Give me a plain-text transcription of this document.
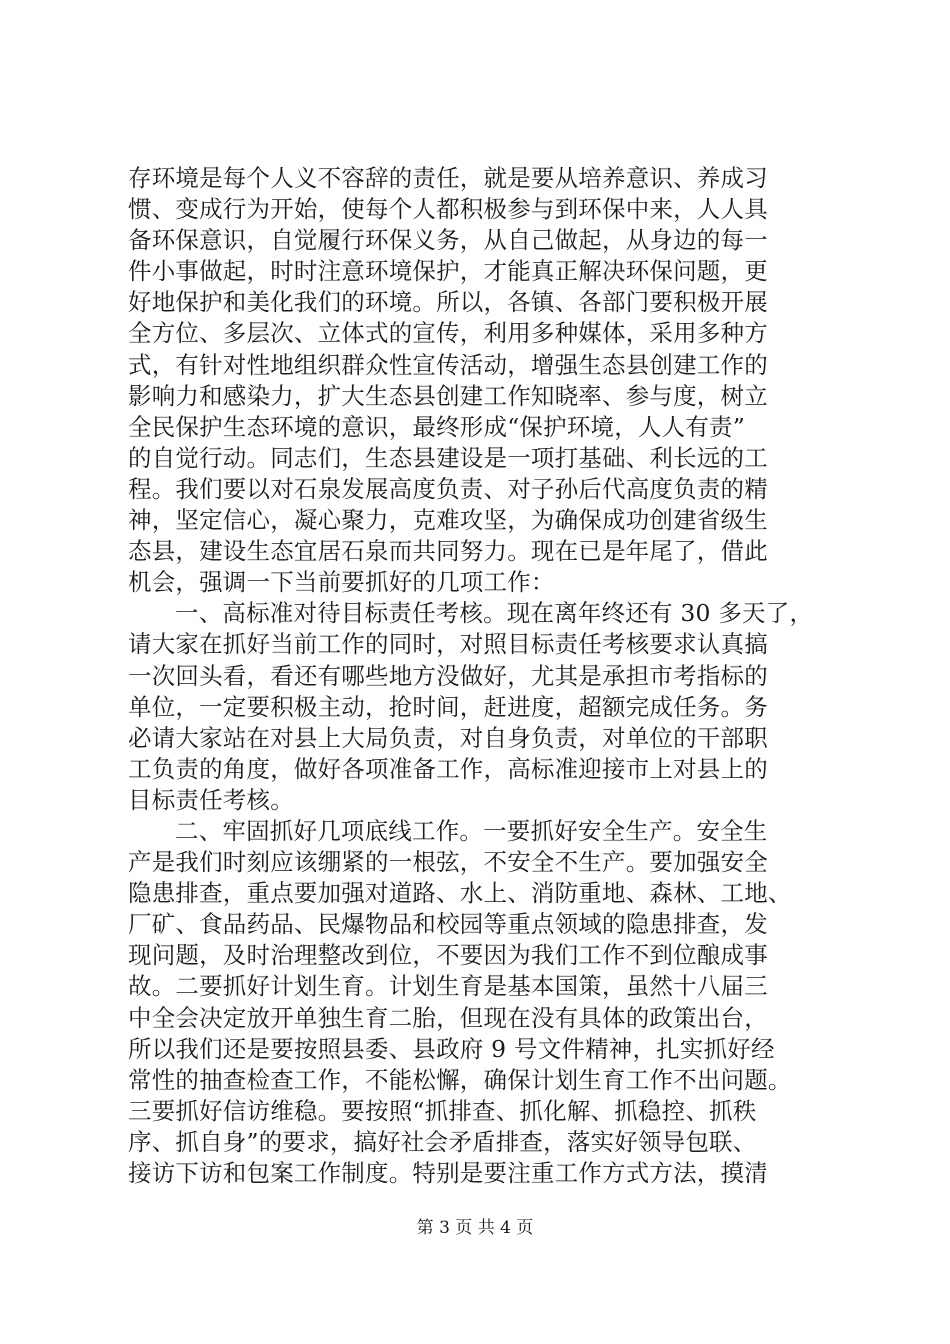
存环境是每个人义不容辞的责任，就是要从培养意识、养成习
惯、变成行为开始，使每个人都积极参与到环保中来，人人具
备环保意识，自觉履行环保义务，从自己做起，从身边的每一
件小事做起，时时注意环境保护，才能真正解决环保问题，更
好地保护和美化我们的环境。所以，各镇、各部门要积极开展
全方位、多层次、立体式的宣传，利用多种媒体，采用多种方
式，有针对性地组织群众性宣传活动，增强生态县创建工作的
影响力和感染力，扩大生态县创建工作知晓率、参与度，树立
全民保护生态环境的意识，最终形成“保护环境，人人有责”
的自觉行动。同志们，生态县建设是一项打基础、利长远的工
程。我们要以对石泉发展高度负责、对子孙后代高度负责的精
神，坚定信心，凝心聚力，克难攻坚，为确保成功创建省级生
态县，建设生态宜居石泉而共同努力。现在已是年尾了，借此
机会，强调一下当前要抓好的几项工作：
一、高标准对待目标责任考核。现在离年终还有 30 多天了，
请大家在抓好当前工作的同时，对照目标责任考核要求认真搞
一次回头看，看还有哪些地方没做好，尤其是承担市考指标的
单位，一定要积极主动，抢时间，赶进度，超额完成任务。务
必请大家站在对县上大局负责，对自身负责，对单位的干部职
工负责的角度，做好各项准备工作，高标准迎接市上对县上的
目标责任考核。
二、牢固抓好几项底线工作。一要抓好安全生产。安全生
产是我们时刻应该绷紧的一根弦，不安全不生产。要加强安全
隐患排查，重点要加强对道路、水上、消防重地、森林、工地、
厂矿、食品药品、民爆物品和校园等重点领域的隐患排查，发
现问题，及时治理整改到位，不要因为我们工作不到位酿成事
故。二要抓好计划生育。计划生育是基本国策，虽然十八届三
中全会决定放开单独生育二胎，但现在没有具体的政策出台，
所以我们还是要按照县委、县政府 9 号文件精神，扎实抓好经
常性的抽查检查工作，不能松懈，确保计划生育工作不出问题。
三要抓好信访维稳。要按照“抓排查、抓化解、抓稳控、抓秩
序、抓自身”的要求，搞好社会矛盾排查，落实好领导包联、
接访下访和包案工作制度。特别是要注重工作方式方法，摸清
第 3 页 共 4 页
